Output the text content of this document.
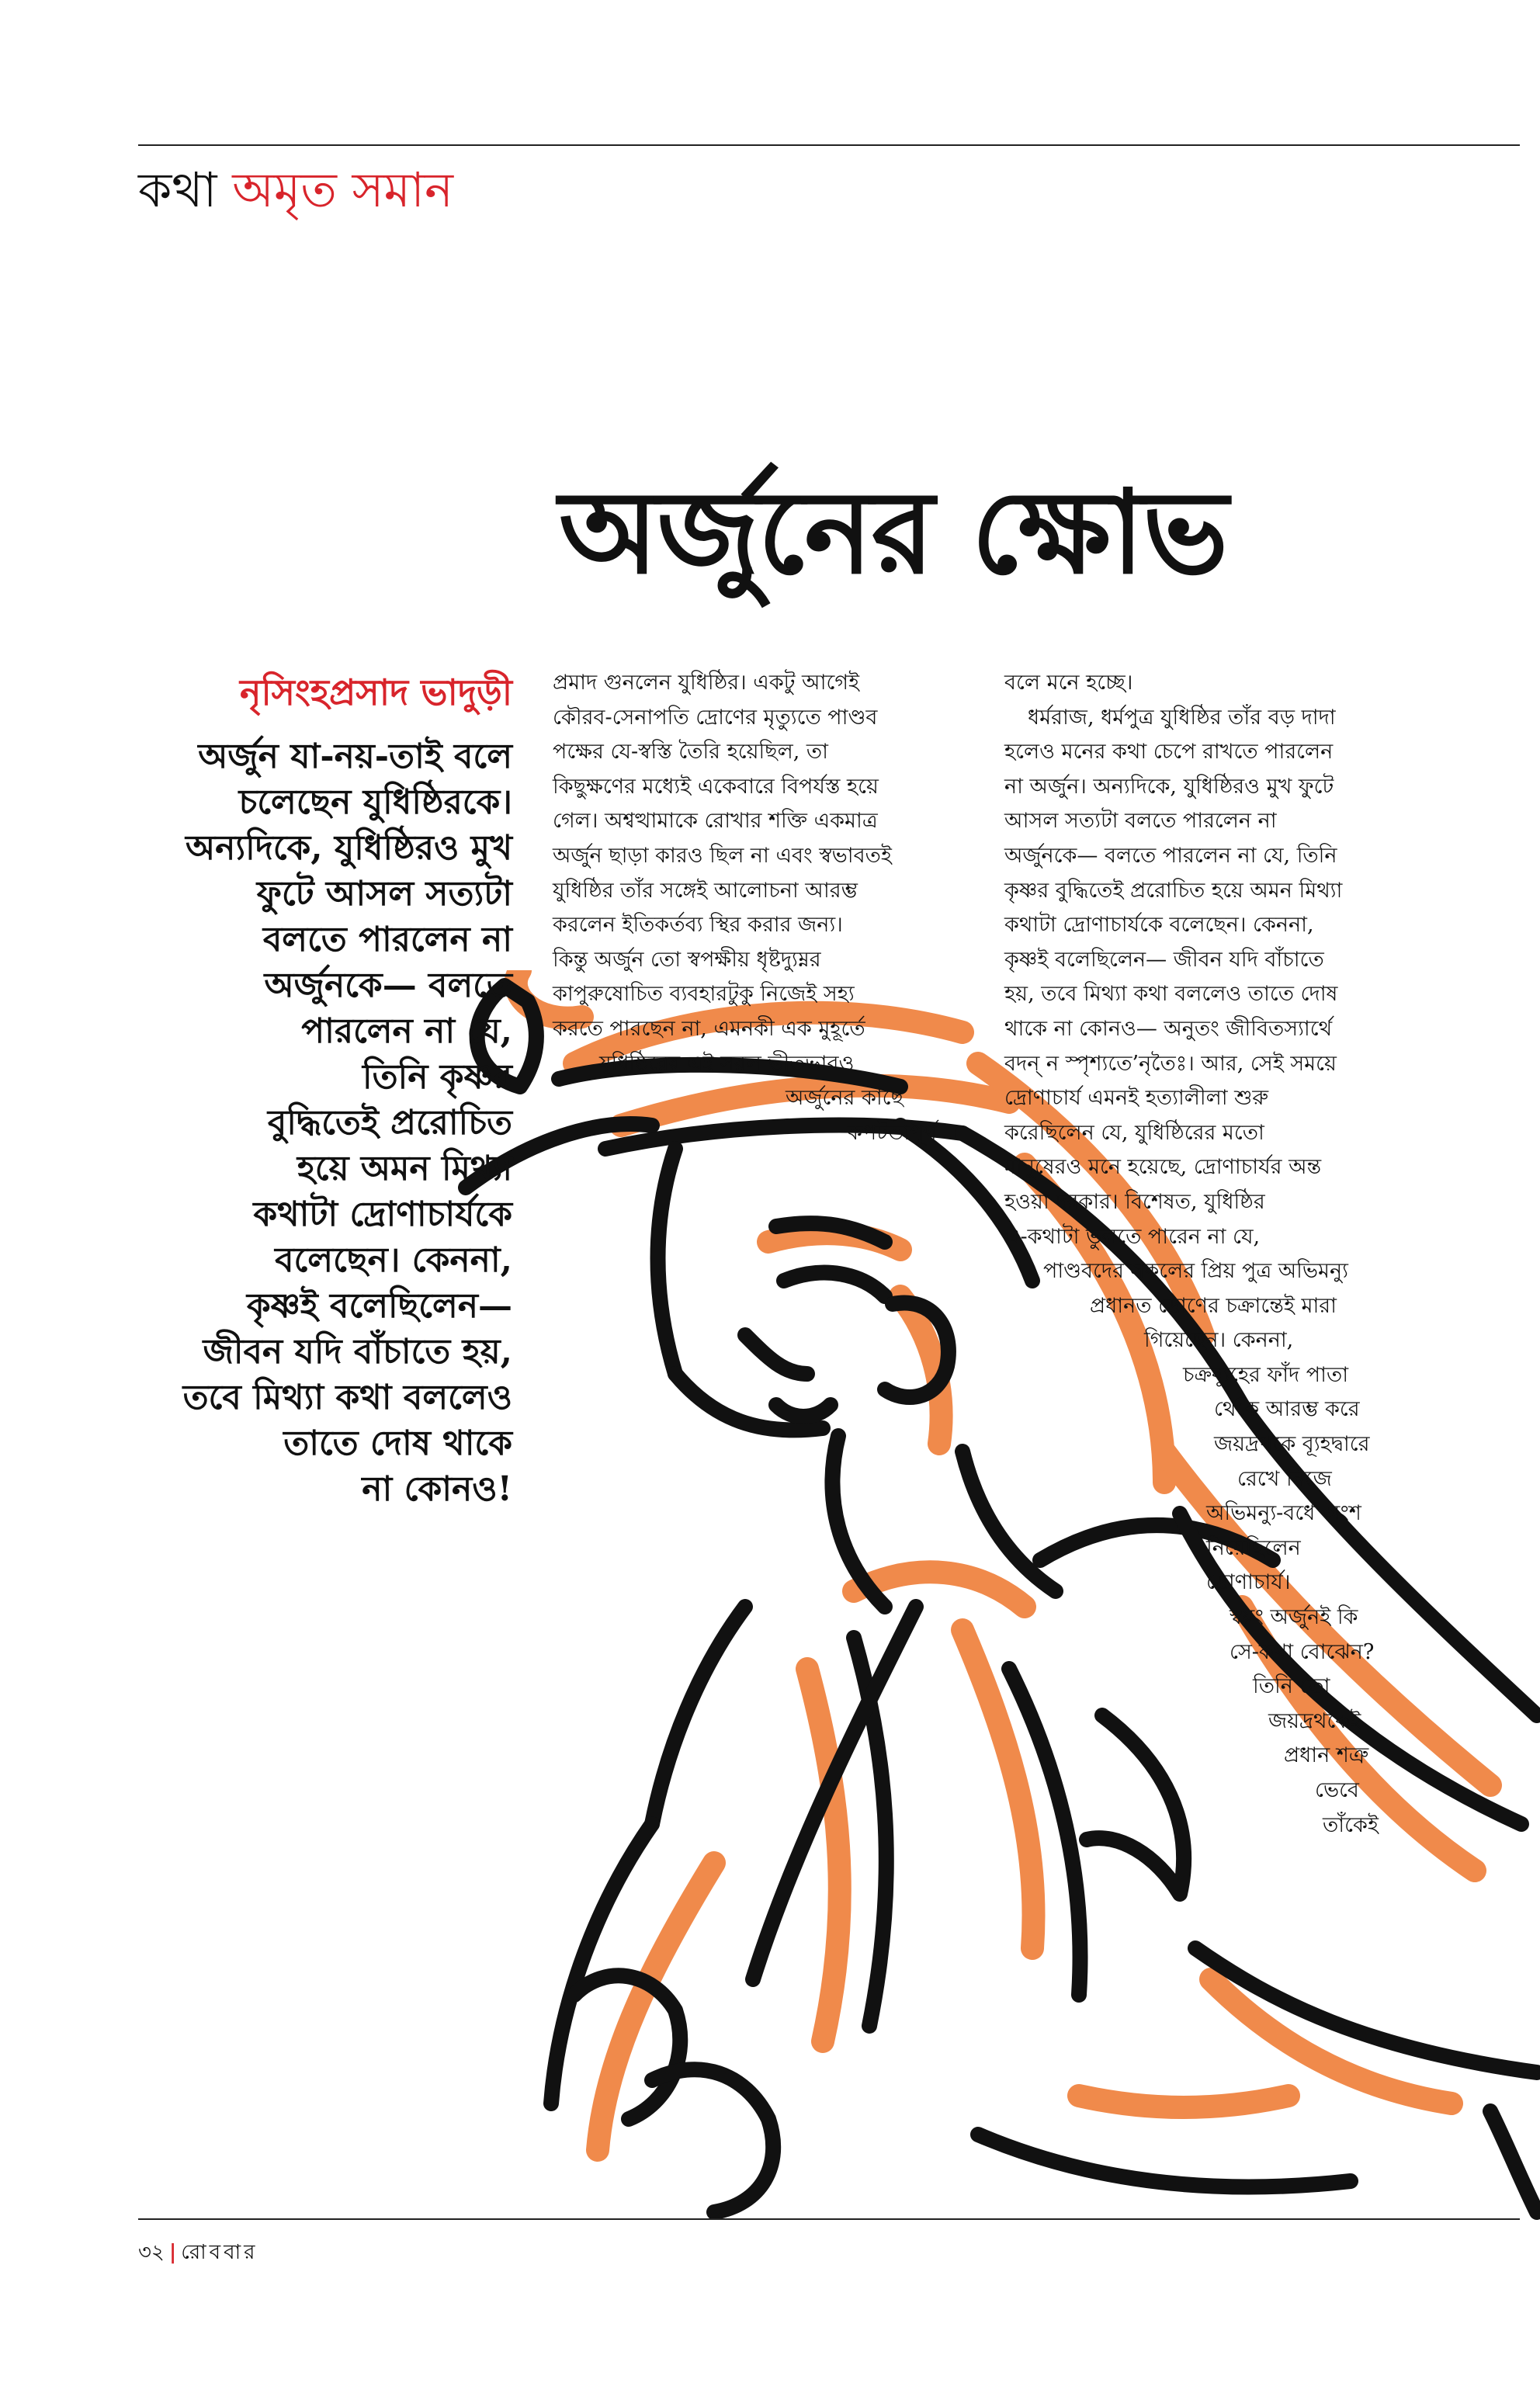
কথা অমৃত সমান
অর্জুনের ক্ষোভ
নৃসিংহপ্রসাদ ভাদুড়ী
অর্জুন যা-নয়-তাই বলে
চলেছেন যুধিষ্ঠিরকে।
অন্যদিকে, যুধিষ্ঠিরও মুখ
ফুটে আসল সত্যটা
বলতে পারলেন না
অর্জুনকে— বলতে
পারলেন না যে,
তিনি কৃষ্ণর
বুদ্ধিতেই প্ররোচিত
হয়ে অমন মিথ্যা
কথাটা দ্রোণাচার্যকে
বলেছেন। কেননা,
কৃষ্ণই বলেছিলেন—
জীবন যদি বাঁচাতে হয়,
তবে মিথ্যা কথা বললেও
তাতে দোষ থাকে
না কোনও!
প্রমাদ গুনলেন যুধিষ্ঠির। একটু আগেই
কৌরব-সেনাপতি দ্রোণের মৃত্যুতে পাণ্ডব
পক্ষের যে-স্বস্তি তৈরি হয়েছিল, তা
কিছুক্ষণের মধ্যেই একেবারে বিপর্যস্ত হয়ে
গেল। অশ্বত্থামাকে রোখার শক্তি একমাত্র
অর্জুন ছাড়া কারও ছিল না এবং স্বভাবতই
যুধিষ্ঠির তাঁর সঙ্গেই আলোচনা আরম্ভ
করলেন ইতিকর্তব্য স্থির করার জন্য।
কিন্তু অর্জুন তো স্বপক্ষীয় ধৃষ্টদ্যুম্নর
কাপুরুষোচিত ব্যবহারটুকু নিজেই সহ্য
করতে পারছেন না, এমনকী এক মুহূর্তে
যুধিষ্ঠিরের এই সরল ভীতভাবও
অর্জুনের কাছে
কপটতাপূর্ণ
বলে মনে হচ্ছে।
ধর্মরাজ, ধর্মপুত্র যুধিষ্ঠির তাঁর বড় দাদা
হলেও মনের কথা চেপে রাখতে পারলেন
না অর্জুন। অন্যদিকে, যুধিষ্ঠিরও মুখ ফুটে
আসল সত্যটা বলতে পারলেন না
অর্জুনকে— বলতে পারলেন না যে, তিনি
কৃষ্ণর বুদ্ধিতেই প্ররোচিত হয়ে অমন মিথ্যা
কথাটা দ্রোণাচার্যকে বলেছেন। কেননা,
কৃষ্ণই বলেছিলেন— জীবন যদি বাঁচাতে
হয়, তবে মিথ্যা কথা বললেও তাতে দোষ
থাকে না কোনও— অনুতং জীবিতস্যার্থে
বদন্ ন স্পৃশ্যতে’নৃতৈঃ। আর, সেই সময়ে
দ্রোণাচার্য এমনই হত্যালীলা শুরু
করেছিলেন যে, যুধিষ্ঠিরের মতো
মানুষেরও মনে হয়েছে, দ্রোণাচার্যর অন্ত
হওয়া দরকার। বিশেষত, যুধিষ্ঠির
এ-কথাটা ভুলতে পারেন না যে,
পাণ্ডবদের সকলের প্রিয় পুত্র অভিমন্যু
প্রধানত দ্রোণের চক্রান্তেই মারা
গিয়েছেন। কেননা,
চক্রব্যূহের ফাঁদ পাতা
থেকে আরম্ভ করে
জয়দ্রথকে ব্যূহদ্বারে
রেখে নিজে
অভিমন্যু-বধে অংশ
নিয়েছিলেন
দ্রোণাচার্য।
স্বয়ং অর্জুনই কি
সে-কথা বোঝেন?
তিনি তো
জয়দ্রথকেই
প্রধান শত্রু
ভেবে
তাঁকেই
৩২ | রোববার
